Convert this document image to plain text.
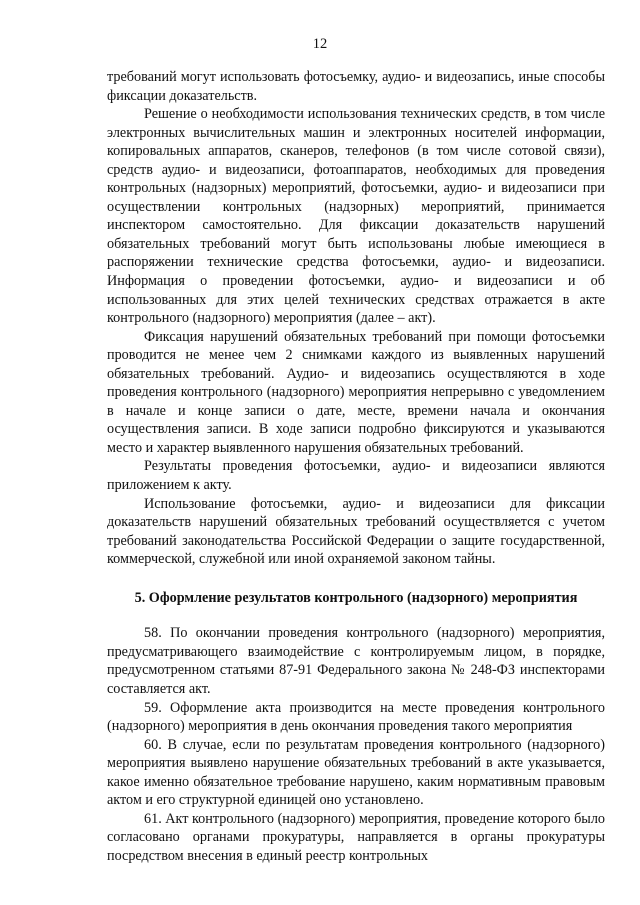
12

требований могут использовать фотосъемку, аудио- и видеозапись, иные способы фиксации доказательств.

Решение о необходимости использования технических средств, в том числе электронных вычислительных машин и электронных носителей информации, копировальных аппаратов, сканеров, телефонов (в том числе сотовой связи), средств аудио- и видеозаписи, фотоаппаратов, необходимых для проведения контрольных (надзорных) мероприятий, фотосъемки, аудио- и видеозаписи при осуществлении контрольных (надзорных) мероприятий, принимается инспектором самостоятельно. Для фиксации доказательств нарушений обязательных требований могут быть использованы любые имеющиеся в распоряжении технические средства фотосъемки, аудио- и видеозаписи. Информация о проведении фотосъемки, аудио- и видеозаписи и об использованных для этих целей технических средствах отражается в акте контрольного (надзорного) мероприятия (далее – акт).

Фиксация нарушений обязательных требований при помощи фотосъемки проводится не менее чем 2 снимками каждого из выявленных нарушений обязательных требований. Аудио- и видеозапись осуществляются в ходе проведения контрольного (надзорного) мероприятия непрерывно с уведомлением в начале и конце записи о дате, месте, времени начала и окончания осуществления записи. В ходе записи подробно фиксируются и указываются место и характер выявленного нарушения обязательных требований.

Результаты проведения фотосъемки, аудио- и видеозаписи являются приложением к акту.

Использование фотосъемки, аудио- и видеозаписи для фиксации доказательств нарушений обязательных требований осуществляется с учетом требований законодательства Российской Федерации о защите государственной, коммерческой, служебной или иной охраняемой законом тайны.

5. Оформление результатов контрольного (надзорного) мероприятия

58. По окончании проведения контрольного (надзорного) мероприятия, предусматривающего взаимодействие с контролируемым лицом, в порядке, предусмотренном статьями 87-91 Федерального закона № 248-ФЗ инспекторами составляется акт.

59. Оформление акта производится на месте проведения контрольного (надзорного) мероприятия в день окончания проведения такого мероприятия

60. В случае, если по результатам проведения контрольного (надзорного) мероприятия выявлено нарушение обязательных требований в акте указывается, какое именно обязательное требование нарушено, каким нормативным правовым актом и его структурной единицей оно установлено.

61. Акт контрольного (надзорного) мероприятия, проведение которого было согласовано органами прокуратуры, направляется в органы прокуратуры посредством внесения в единый реестр контрольных
